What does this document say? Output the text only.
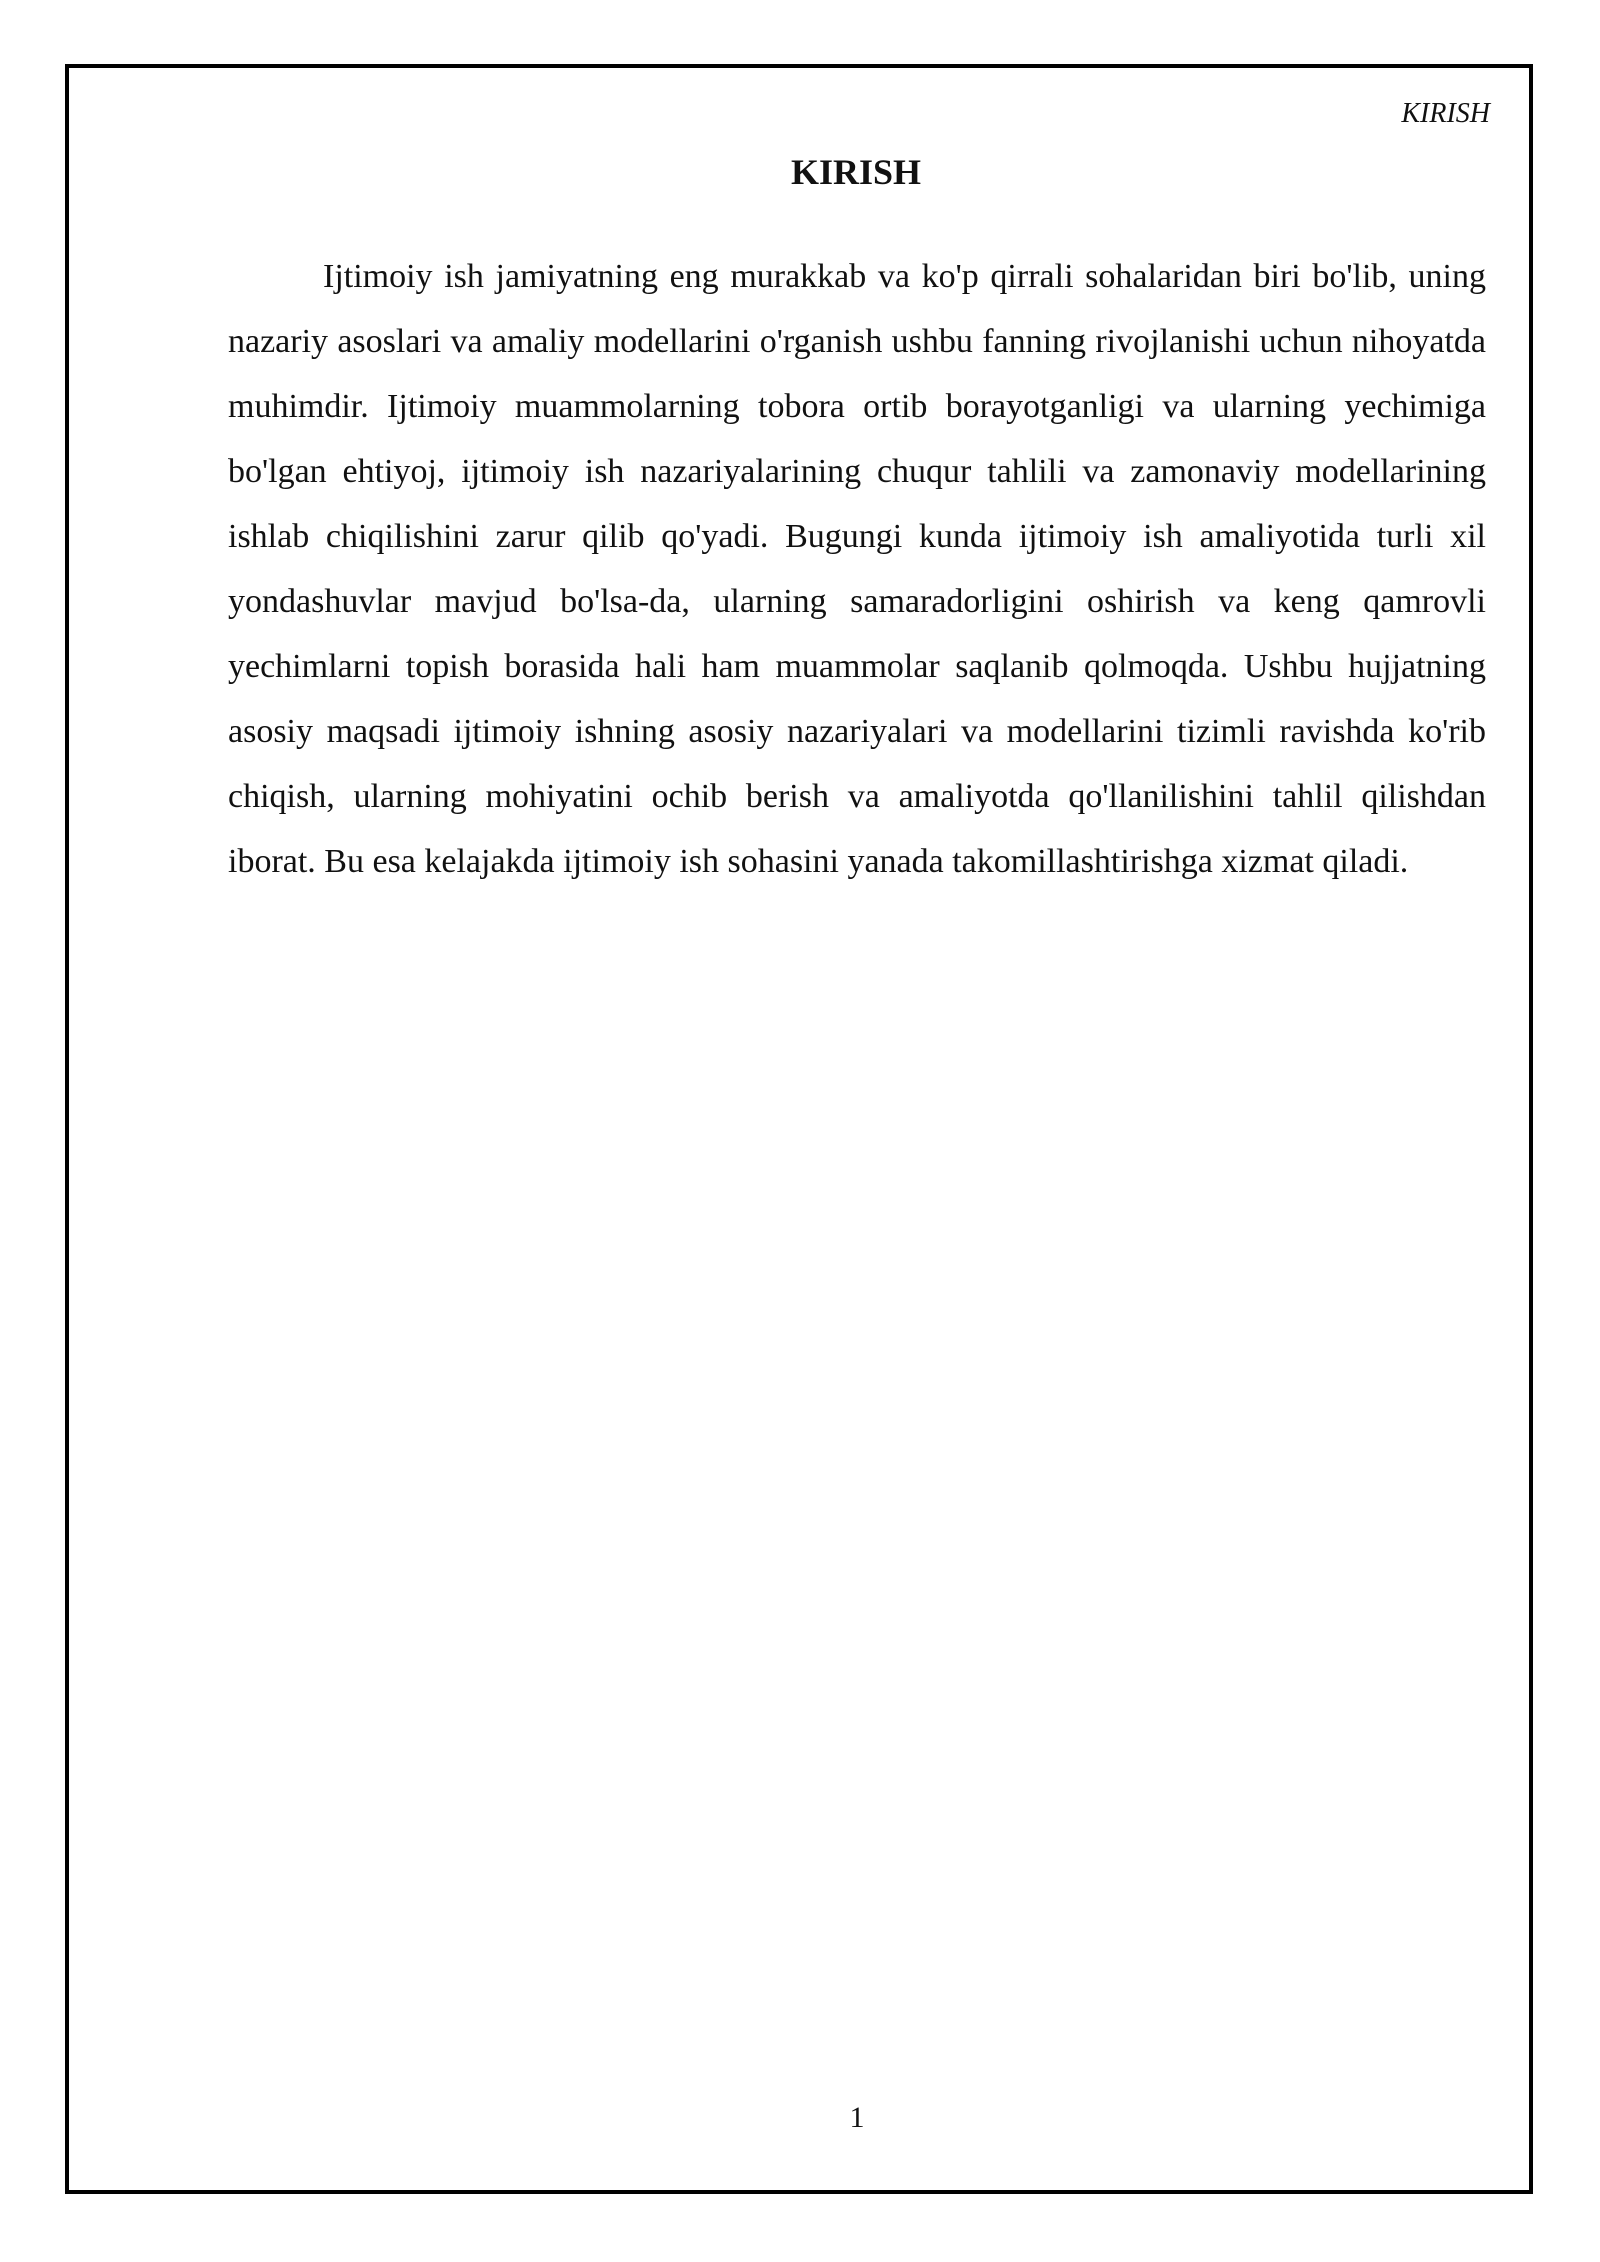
KIRISH
KIRISH

Ijtimoiy ish jamiyatning eng murakkab va ko'p qirrali sohalaridan biri bo'lib, uning nazariy asoslari va amaliy modellarini o'rganish ushbu fanning rivojlanishi uchun nihoyatda muhimdir. Ijtimoiy muammolarning tobora ortib borayotganligi va ularning yechimiga bo'lgan ehtiyoj, ijtimoiy ish nazariyalarining chuqur tahlili va zamonaviy modellarining ishlab chiqilishini zarur qilib qo'yadi. Bugungi kunda ijtimoiy ish amaliyotida turli xil yondashuvlar mavjud bo'lsa-da, ularning samaradorligini oshirish va keng qamrovli yechimlarni topish borasida hali ham muammolar saqlanib qolmoqda. Ushbu hujjatning asosiy maqsadi ijtimoiy ishning asosiy nazariyalari va modellarini tizimli ravishda ko'rib chiqish, ularning mohiyatini ochib berish va amaliyotda qo'llanilishini tahlil qilishdan iborat. Bu esa kelajakda ijtimoiy ish sohasini yanada takomillashtirishga xizmat qiladi.

1
